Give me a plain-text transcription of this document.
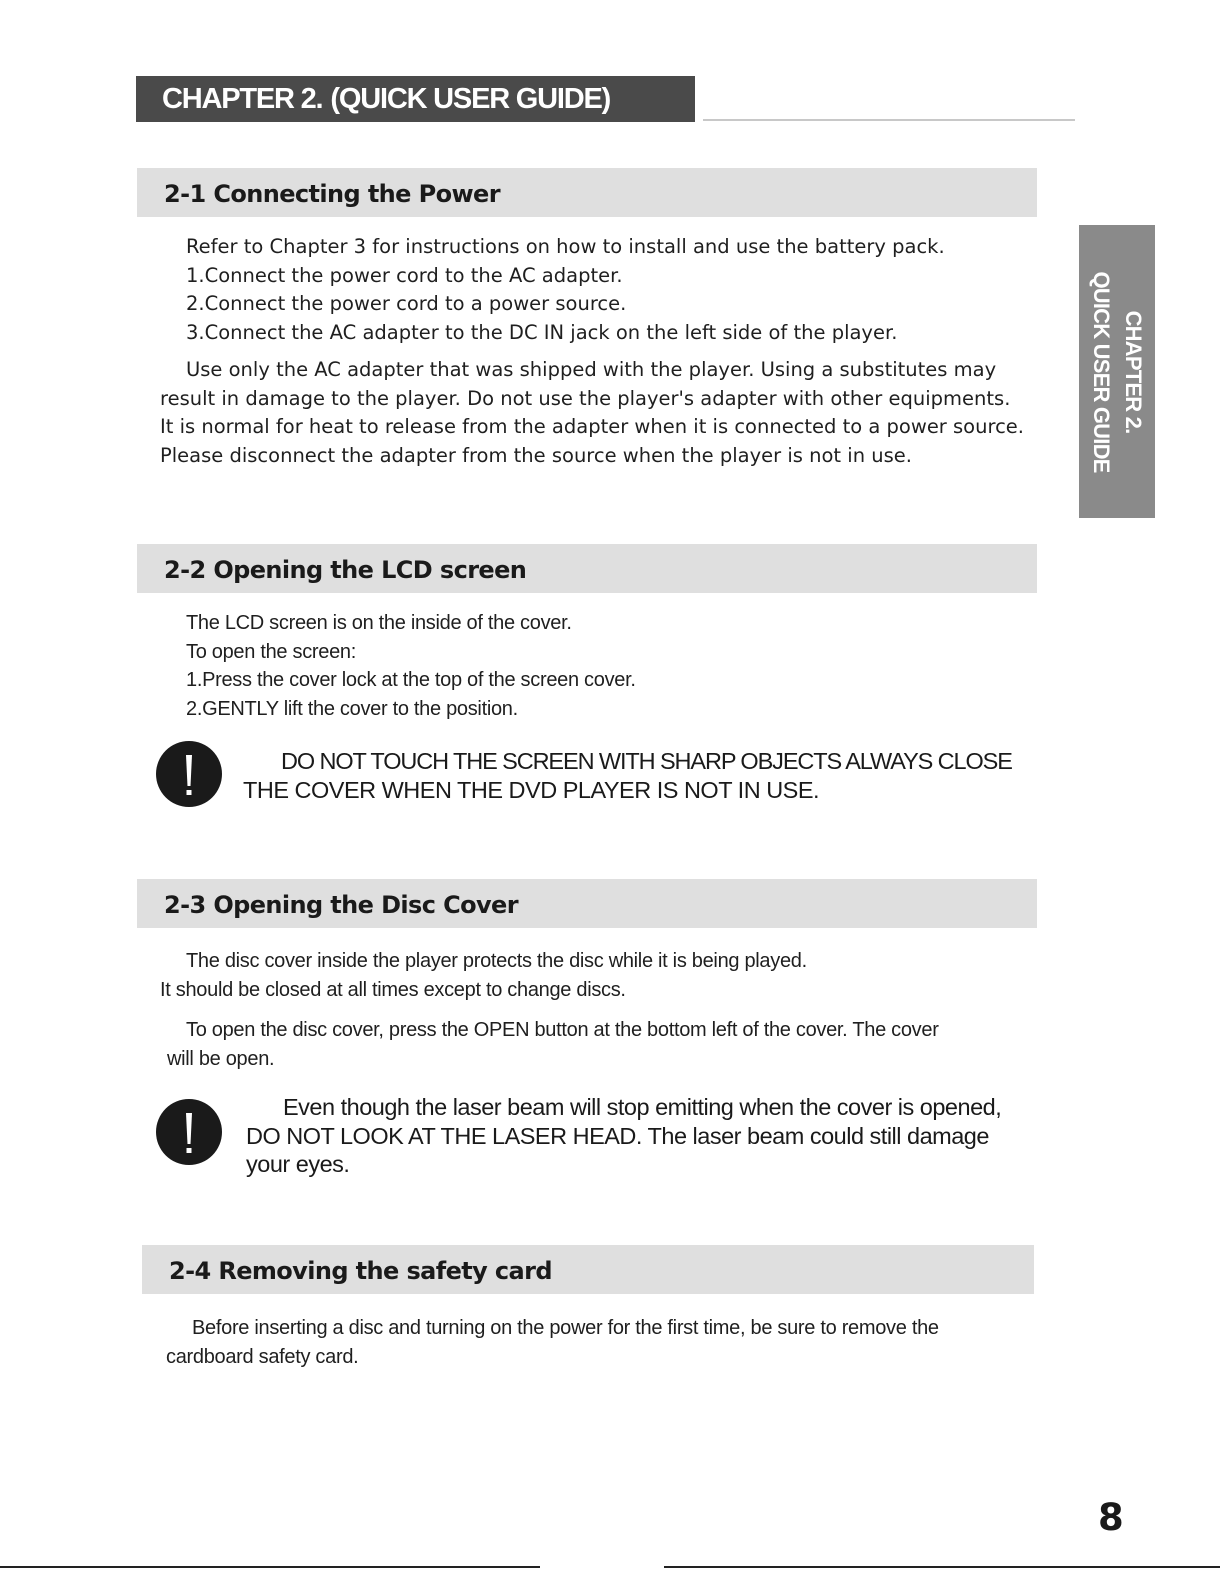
CHAPTER 2. (QUICK USER GUIDE)
CHAPTER 2.
QUICK USER GUIDE
2-1 Connecting the Power
Refer to Chapter 3 for instructions on how to install and use the battery pack.
1.Connect the power cord to the AC adapter.
2.Connect the power cord to a power source.
3.Connect the AC adapter to the DC IN jack on the left side of the player.
Use only the AC adapter that was shipped with the player. Using a substitutes may
result in damage to the player. Do not use the player's adapter with other equipments.
It is normal for heat to release from the adapter when it is connected to a power source.
Please disconnect the adapter from the source when the player is not in use.
2-2 Opening the LCD screen
The LCD screen is on the inside of the cover.
To open the screen:
1.Press the cover lock at the top of the screen cover.
2.GENTLY lift the cover to the position.
DO NOT TOUCH THE SCREEN WITH SHARP OBJECTS ALWAYS CLOSE
THE COVER WHEN THE DVD PLAYER IS NOT IN USE.
2-3 Opening the Disc Cover
The disc cover inside the player protects the disc while it is being played.
It should be closed at all times except to change discs.
To open the disc cover, press the OPEN button at the bottom left of the cover. The cover
will be open.
Even though the laser beam will stop emitting when the cover is opened,
DO NOT LOOK AT THE LASER HEAD. The laser beam could still damage
your eyes.
2-4 Removing the safety card
Before inserting a disc and turning on the power for the first time, be sure to remove the
cardboard safety card.
8
